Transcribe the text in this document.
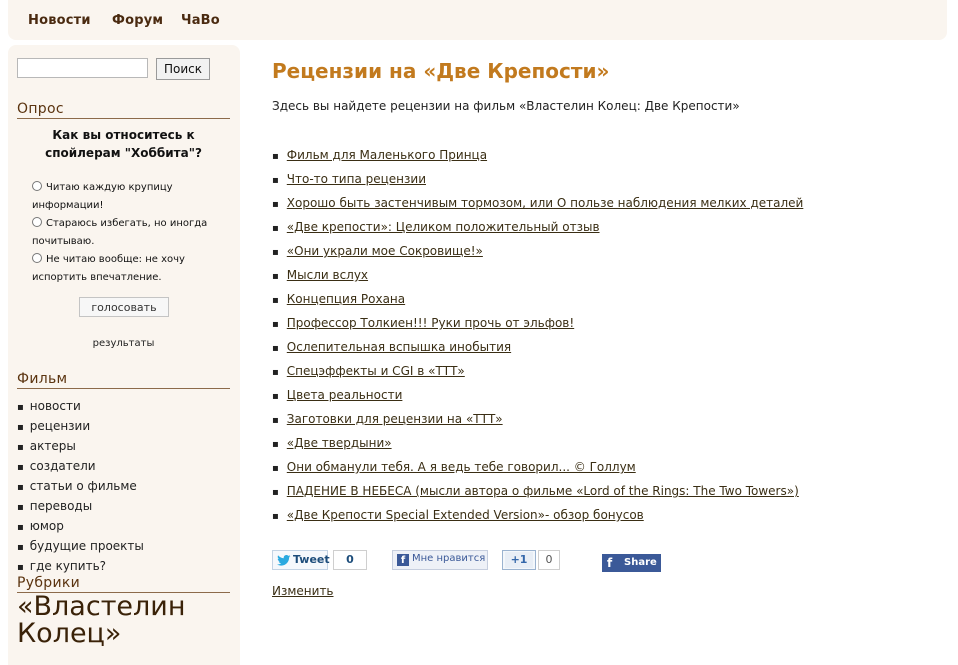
Новости Форум ЧаВо
Поиск
Опрос
Как вы относитесь к спойлерам "Хоббита"?
Читаю каждую крупицу информации!
Стараюсь избегать, но иногда почитываю.
Не читаю вообще: не хочу испортить впечатление.
голосовать
результаты
Фильм
▪ новости
▪ рецензии
▪ актеры
▪ создатели
▪ статьи о фильме
▪ переводы
▪ юмор
▪ будущие проекты
▪ где купить?
Рубрики
«Властелин Колец»
Рецензии на «Две Крепости»
Здесь вы найдете рецензии на фильм «Властелин Колец: Две Крепости»
▪ Фильм для Маленького Принца
▪ Что-то типа рецензии
▪ Хорошо быть застенчивым тормозом, или О пользе наблюдения мелких деталей
▪ «Две крепости»: Целиком положительный отзыв
▪ «Они украли мое Сокровище!»
▪ Мысли вслух
▪ Концепция Рохана
▪ Профессор Толкиен!!! Руки прочь от эльфов!
▪ Ослепительная вспышка инобытия
▪ Спецэффекты и CGI в «ТТТ»
▪ Цвета реальности
▪ Заготовки для рецензии на «ТТТ»
▪ «Две твердыни»
▪ Они обманули тебя. А я ведь тебе говорил... © Голлум
▪ ПАДЕНИЕ В НЕБЕСА (мысли автора о фильме «Lord of the Rings: The Two Towers»)
▪ «Две Крепости Special Extended Version»- обзор бонусов
Tweet	0	f Мне нравится	+1	0	f Share
Изменить
